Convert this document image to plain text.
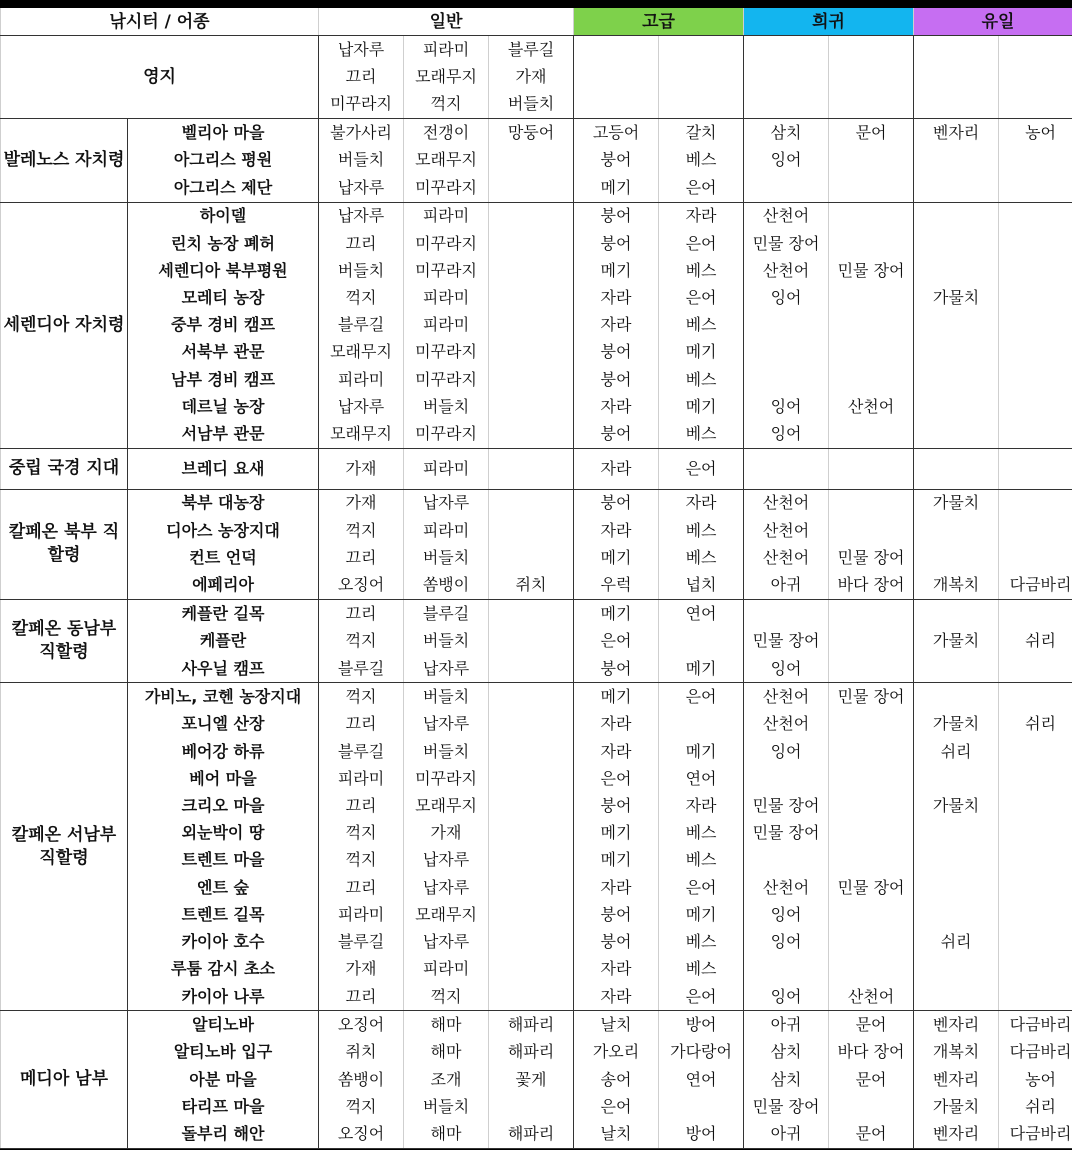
낚시터 / 어종		일반			고급		희귀		유일	
영지		납자루	피라미	블루길						
		끄리	모래무지	가재						
		미꾸라지	꺽지	버들치						
발레노스 자치령	벨리아 마을	불가사리	전갱이	망둥어	고등어	갈치	삼치	문어	벤자리	농어
	아그리스 평원	버들치	모래무지		붕어	베스	잉어			
	아그리스 제단	납자루	미꾸라지		메기	은어				
세렌디아 자치령	하이델	납자루	피라미		붕어	자라	산천어			
	린치 농장 폐허	끄리	미꾸라지		붕어	은어	민물 장어			
	세렌디아 북부평원	버들치	미꾸라지		메기	베스	산천어	민물 장어		
	모레티 농장	꺽지	피라미		자라	은어	잉어		가물치	
	중부 경비 캠프	블루길	피라미		자라	베스				
	서북부 관문	모래무지	미꾸라지		붕어	메기				
	남부 경비 캠프	피라미	미꾸라지		붕어	베스				
	데르닐 농장	납자루	버들치		자라	메기	잉어	산천어		
	서남부 관문	모래무지	미꾸라지		붕어	베스	잉어			
중립 국경 지대	브레디 요새	가재	피라미		자라	은어				
칼페온 북부 직할령	북부 대농장	가재	납자루		붕어	자라	산천어		가물치	
	디아스 농장지대	꺽지	피라미		자라	베스	산천어			
	컨트 언덕	끄리	버들치		메기	베스	산천어	민물 장어		
	에페리아	오징어	쏨뱅이	쥐치	우럭	넙치	아귀	바다 장어	개복치	다금바리
칼페온 동남부 직할령	케플란 길목	끄리	블루길		메기	연어				
	케플란	꺽지	버들치		은어		민물 장어		가물치	쉬리
	사우닐 캠프	블루길	납자루		붕어	메기	잉어			
칼페온 서남부 직할령	가비노, 코헨 농장지대	꺽지	버들치		메기	은어	산천어	민물 장어		
	포니엘 산장	끄리	납자루		자라		산천어		가물치	쉬리
	베어강 하류	블루길	버들치		자라	메기	잉어		쉬리	
	베어 마을	피라미	미꾸라지		은어	연어				
	크리오 마을	끄리	모래무지		붕어	자라	민물 장어		가물치	
	외눈박이 땅	꺽지	가재		메기	베스	민물 장어			
	트렌트 마을	꺽지	납자루		메기	베스				
	엔트 숲	끄리	납자루		자라	은어	산천어	민물 장어		
	트렌트 길목	피라미	모래무지		붕어	메기	잉어			
	카이아 호수	블루길	납자루		붕어	베스	잉어		쉬리	
	루툼 감시 초소	가재	피라미		자라	베스				
	카이아 나루	끄리	꺽지		자라	은어	잉어	산천어		
메디아 남부	알티노바	오징어	해마	해파리	날치	방어	아귀	문어	벤자리	다금바리
	알티노바 입구	쥐치	해마	해파리	가오리	가다랑어	삼치	바다 장어	개복치	다금바리
	아분 마을	쏨뱅이	조개	꽃게	송어	연어	삼치	문어	벤자리	농어
	타리프 마을	꺽지	버들치		은어		민물 장어		가물치	쉬리
	돌부리 해안	오징어	해마	해파리	날치	방어	아귀	문어	벤자리	다금바리
